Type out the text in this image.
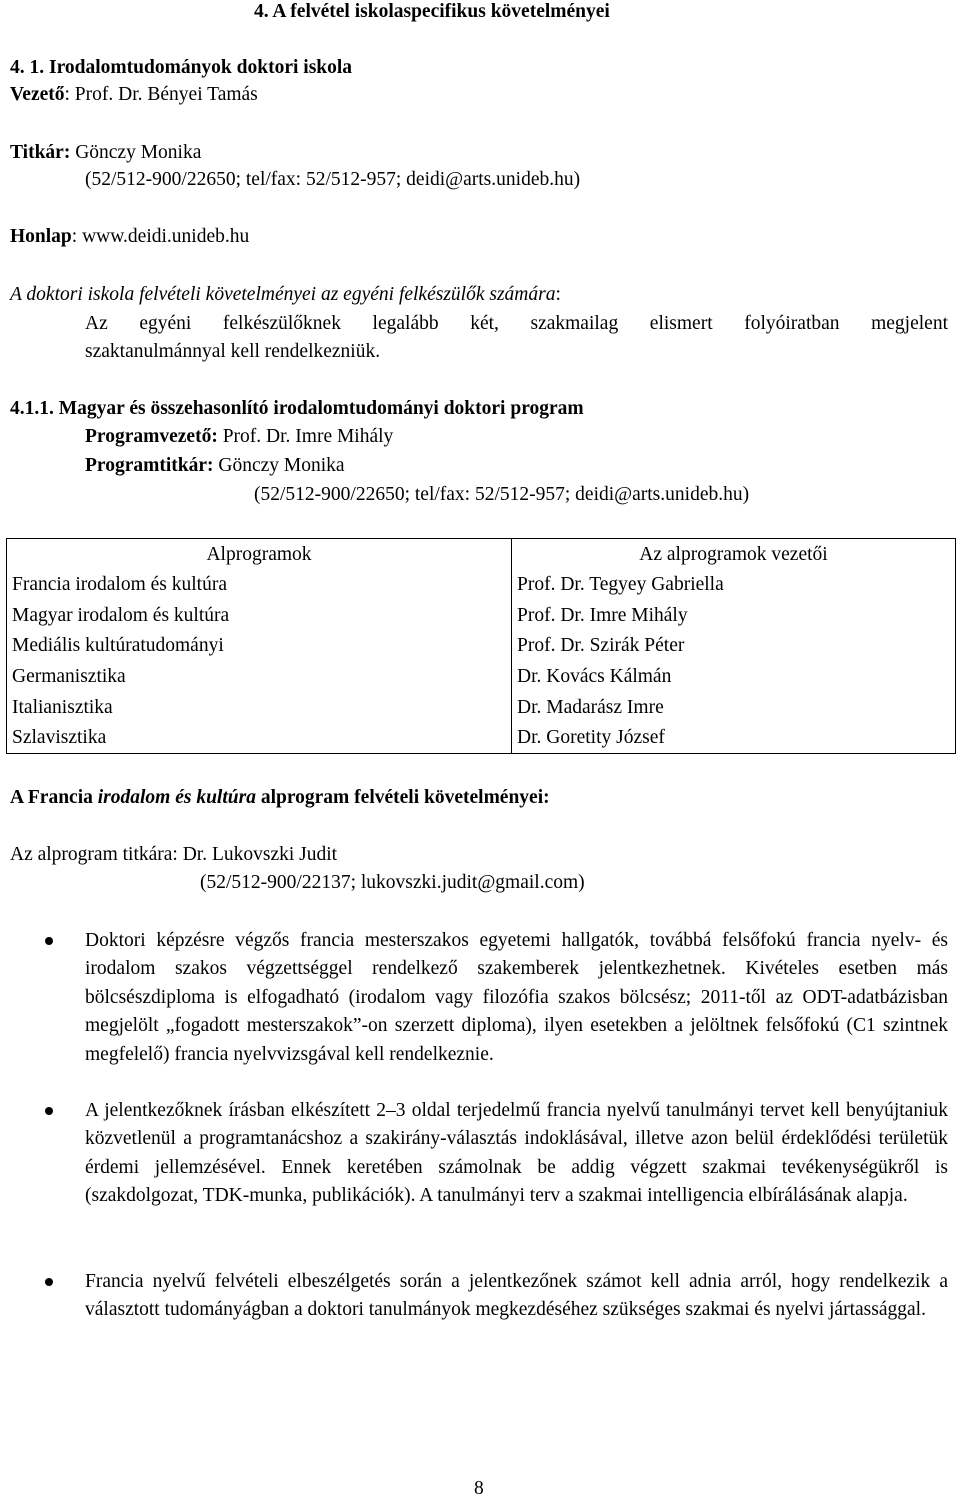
4. A felvétel iskolaspecifikus követelményei
4. 1. Irodalomtudományok doktori iskola
Vezető: Prof. Dr. Bényei Tamás
Titkár: Gönczy Monika
(52/512-900/22650; tel/fax: 52/512-957; deidi@arts.unideb.hu)
Honlap: www.deidi.unideb.hu
A doktori iskola felvételi követelményei az egyéni felkészülők számára:
Az egyéni felkészülőknek legalább két, szakmailag elismert folyóiratban megjelent
szaktanulmánnyal kell rendelkezniük.
4.1.1. Magyar és összehasonlító irodalomtudományi doktori program
Programvezető: Prof. Dr. Imre Mihály
Programtitkár: Gönczy Monika
(52/512-900/22650; tel/fax: 52/512-957; deidi@arts.unideb.hu)
Alprogramok	Az alprogramok vezetői
Francia irodalom és kultúra	Prof. Dr. Tegyey Gabriella
Magyar irodalom és kultúra	Prof. Dr. Imre Mihály
Mediális kultúratudományi	Prof. Dr. Szirák Péter
Germanisztika	Dr. Kovács Kálmán
Italianisztika	Dr. Madarász Imre
Szlavisztika	Dr. Goretity József
A Francia irodalom és kultúra alprogram felvételi követelményei:
Az alprogram titkára: Dr. Lukovszki Judit
(52/512-900/22137; lukovszki.judit@gmail.com)

Doktori képzésre végzős francia mesterszakos egyetemi hallgatók, továbbá felsőfokú francia nyelv- és irodalom szakos végzettséggel rendelkező szakemberek jelentkezhetnek. Kivételes esetben más bölcsészdiploma is elfogadható (irodalom vagy filozófia szakos bölcsész; 2011-től az ODT-adatbázisban megjelölt „fogadott mesterszakok”-on szerzett diploma), ilyen esetekben a jelöltnek felsőfokú (C1 szintnek megfelelő) francia nyelvvizsgával kell rendelkeznie.

A jelentkezőknek írásban elkészített 2–3 oldal terjedelmű francia nyelvű tanulmányi tervet kell benyújtaniuk közvetlenül a programtanácshoz a szakirány-választás indoklásával, illetve azon belül érdeklődési területük érdemi jellemzésével. Ennek keretében számolnak be addig végzett szakmai tevékenységükről is (szakdolgozat, TDK-munka, publikációk). A tanulmányi terv a szakmai intelligencia elbírálásának alapja.

Francia nyelvű felvételi elbeszélgetés során a jelentkezőnek számot kell adnia arról, hogy rendelkezik a választott tudományágban a doktori tanulmányok megkezdéséhez szükséges szakmai és nyelvi jártassággal.

8
